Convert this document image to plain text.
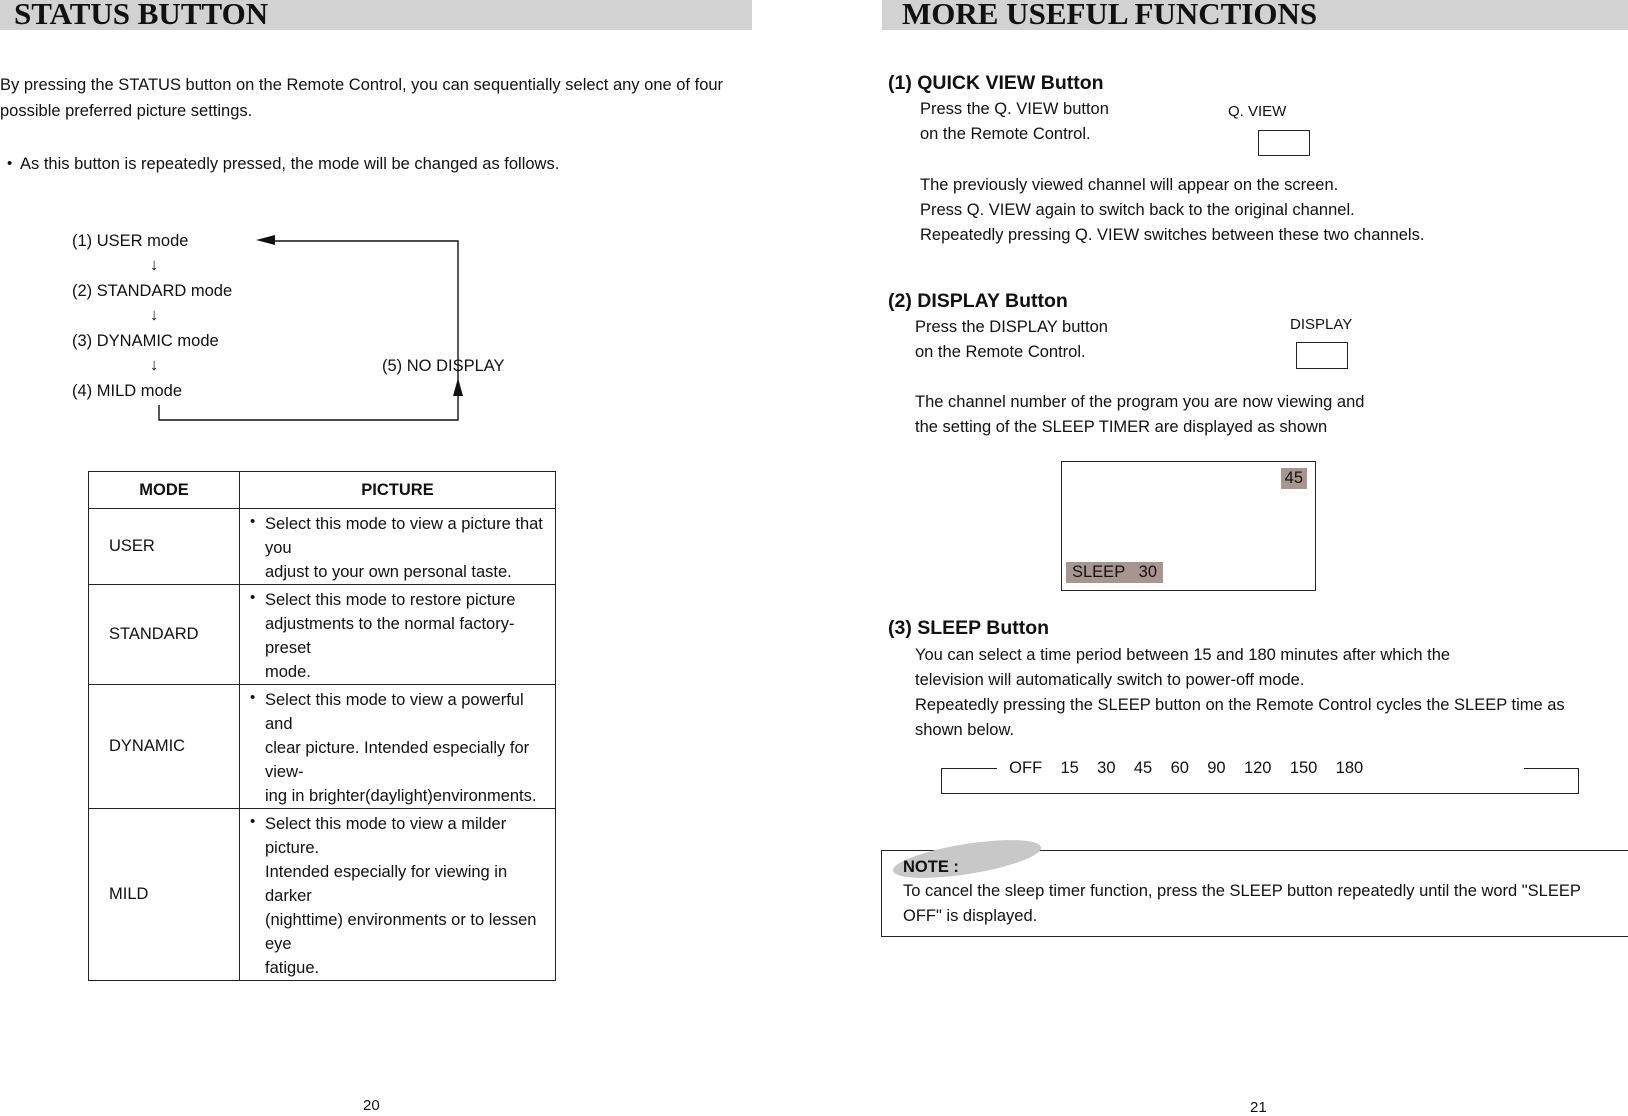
STATUS BUTTON
By pressing the STATUS button on the Remote Control, you can sequentially select any one of four
possible preferred picture settings.
• As this button is repeatedly pressed, the mode will be changed as follows.
(1) USER mode
↓
(2) STANDARD mode
↓
(3) DYNAMIC mode
↓	(5) NO DISPLAY
(4) MILD mode
MODE	PICTURE
USER	• Select this mode to view a picture that you
adjust to your own personal taste.

STANDARD	• Select this mode to restore picture
adjustments to the normal factory-preset
mode.

DYNAMIC	• Select this mode to view a powerful and
clear picture. Intended especially for view-
ing in brighter(daylight)environments.

MILD	• Select this mode to view a milder picture.
Intended especially for viewing in darker
(nighttime) environments or to lessen eye
fatigue.
20
MORE USEFUL FUNCTIONS
(1) QUICK VIEW Button
Press the Q. VIEW button
on the Remote Control.
Q. VIEW
The previously viewed channel will appear on the screen.
Press Q. VIEW again to switch back to the original channel.
Repeatedly pressing Q. VIEW switches between these two channels.
(2) DISPLAY Button
Press the DISPLAY button
on the Remote Control.
DISPLAY
The channel number of the program you are now viewing and
the setting of the SLEEP TIMER are displayed as shown
45
SLEEP   30
(3) SLEEP Button
You can select a time period between 15 and 180 minutes after which the
television will automatically switch to power-off mode.
Repeatedly pressing the SLEEP button on the Remote Control cycles the SLEEP time as
shown below.
OFF    15    30    45    60    90    120    150    180
NOTE :
To cancel the sleep timer function, press the SLEEP button repeatedly until the word "SLEEP
OFF" is displayed.
21
